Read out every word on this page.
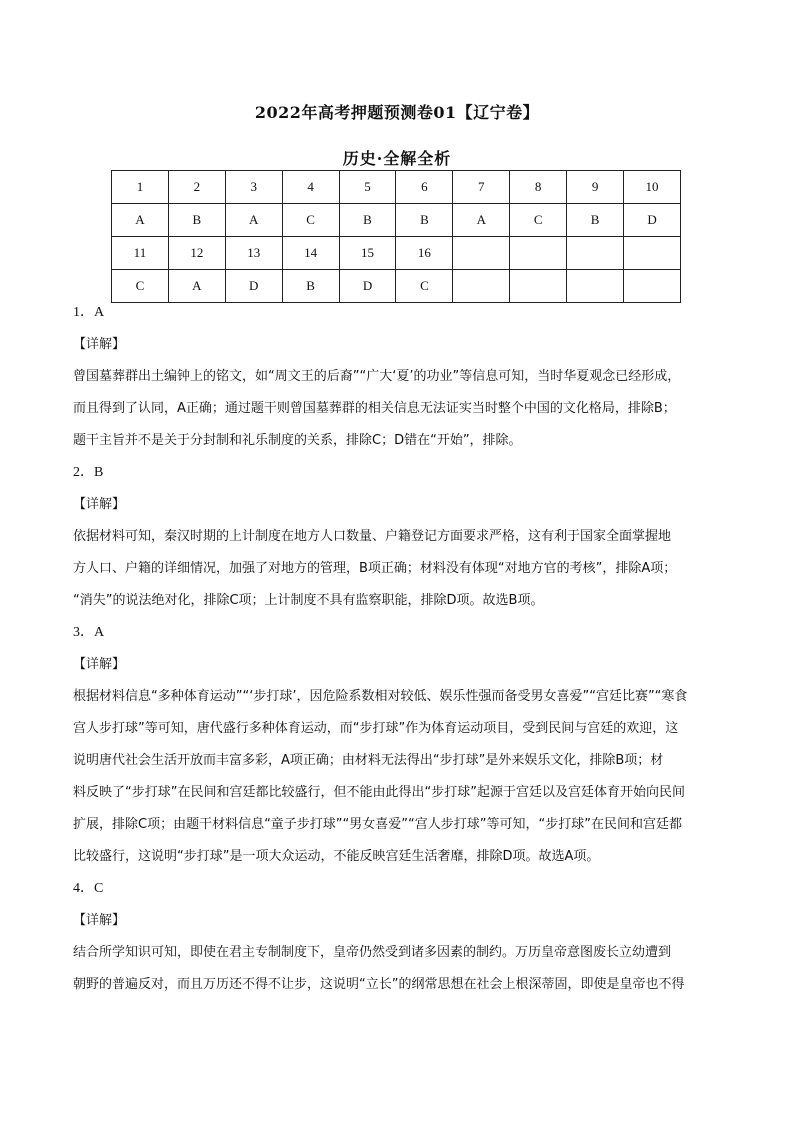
2022年高考押题预测卷01【辽宁卷】
历史·全解全析
1	2	3	4	5	6	7	8	9	10
A	B	A	C	B	B	A	C	B	D
11	12	13	14	15	16				
C	A	D	B	D	C				

1．A

【详解】

曾国墓葬群出土编钟上的铭文，如“周文王的后裔”“广大‘夏’的功业”等信息可知，当时华夏观念已经形成，

而且得到了认同，A正确；通过题干则曾国墓葬群的相关信息无法证实当时整个中国的文化格局，排除B；

题干主旨并不是关于分封制和礼乐制度的关系，排除C；D错在“开始”，排除。

2．B

【详解】

依据材料可知，秦汉时期的上计制度在地方人口数量、户籍登记方面要求严格，这有利于国家全面掌握地

方人口、户籍的详细情况，加强了对地方的管理，B项正确；材料没有体现“对地方官的考核”，排除A项；

“消失”的说法绝对化，排除C项；上计制度不具有监察职能，排除D项。故选B项。

3．A

【详解】

根据材料信息“多种体育运动”“‘步打球’，因危险系数相对较低、娱乐性强而备受男女喜爱”“宫廷比赛”“寒食

宫人步打球”等可知，唐代盛行多种体育运动，而“步打球”作为体育运动项目，受到民间与宫廷的欢迎，这

说明唐代社会生活开放而丰富多彩，A项正确；由材料无法得出“步打球”是外来娱乐文化，排除B项；材

料反映了“步打球”在民间和宫廷都比较盛行，但不能由此得出“步打球”起源于宫廷以及宫廷体育开始向民间

扩展，排除C项；由题干材料信息“童子步打球”“男女喜爱”“宫人步打球”等可知，“步打球”在民间和宫廷都

比较盛行，这说明“步打球”是一项大众运动，不能反映宫廷生活奢靡，排除D项。故选A项。

4．C

【详解】

结合所学知识可知，即使在君主专制制度下，皇帝仍然受到诸多因素的制约。万历皇帝意图废长立幼遭到

朝野的普遍反对，而且万历还不得不让步，这说明“立长”的纲常思想在社会上根深蒂固，即使是皇帝也不得
